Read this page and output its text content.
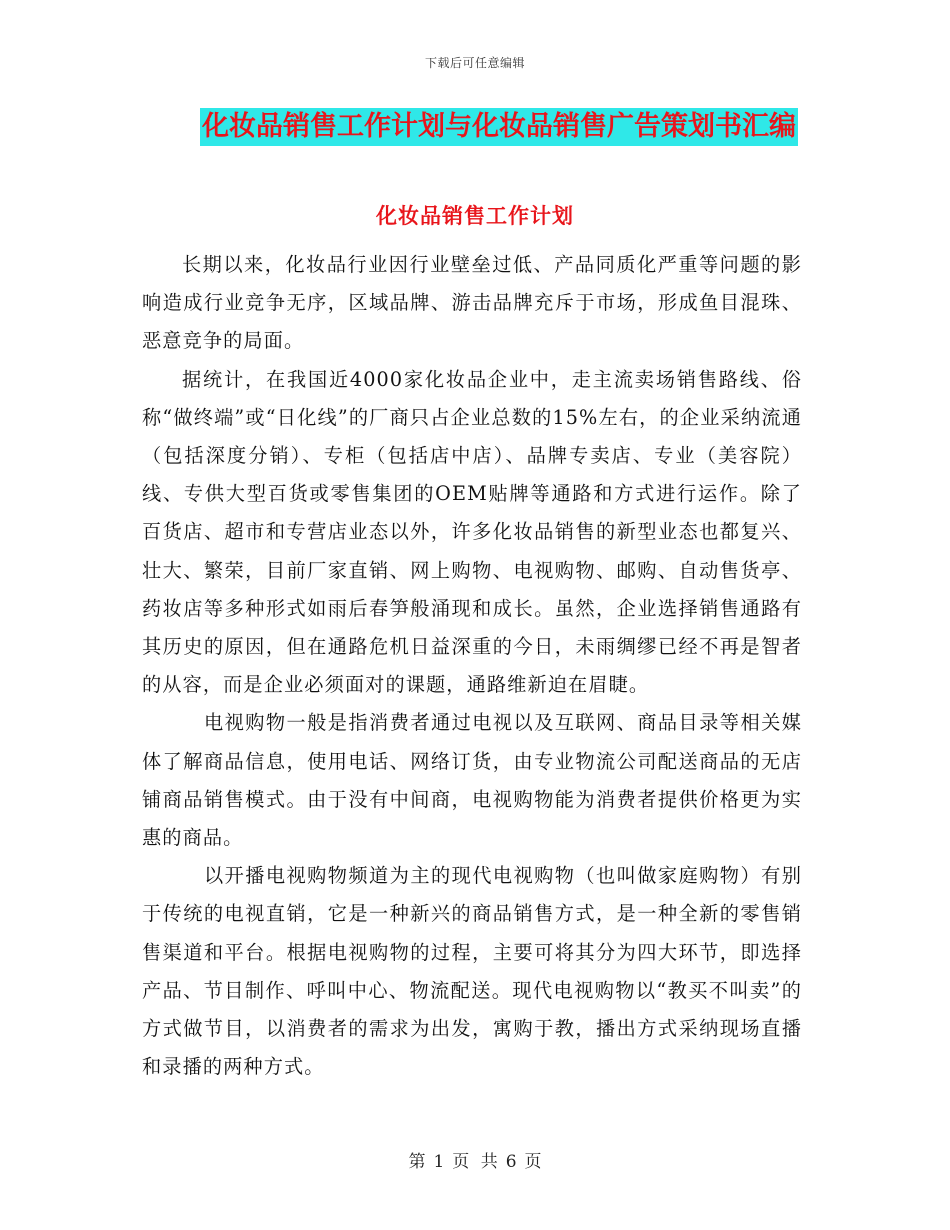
下载后可任意编辑
化妆品销售工作计划与化妆品销售广告策划书汇编
化妆品销售工作计划

长期以来，化妆品行业因行业壁垒过低、产品同质化严重等问题的影响造成行业竞争无序，区域品牌、游击品牌充斥于市场，形成鱼目混珠、恶意竞争的局面。

据统计，在我国近4000家化妆品企业中，走主流卖场销售路线、俗称“做终端”或“日化线”的厂商只占企业总数的15%左右，的企业采纳流通（包括深度分销）、专柜（包括店中店）、品牌专卖店、专业（美容院）线、专供大型百货或零售集团的OEM贴牌等通路和方式进行运作。除了百货店、超市和专营店业态以外，许多化妆品销售的新型业态也都复兴、壮大、繁荣，目前厂家直销、网上购物、电视购物、邮购、自动售货亭、药妆店等多种形式如雨后春笋般涌现和成长。虽然，企业选择销售通路有其历史的原因，但在通路危机日益深重的今日，未雨绸缪已经不再是智者的从容，而是企业必须面对的课题，通路维新迫在眉睫。

电视购物一般是指消费者通过电视以及互联网、商品目录等相关媒体了解商品信息，使用电话、网络订货，由专业物流公司配送商品的无店铺商品销售模式。由于没有中间商，电视购物能为消费者提供价格更为实惠的商品。

以开播电视购物频道为主的现代电视购物（也叫做家庭购物）有别于传统的电视直销，它是一种新兴的商品销售方式，是一种全新的零售销售渠道和平台。根据电视购物的过程，主要可将其分为四大环节，即选择产品、节目制作、呼叫中心、物流配送。现代电视购物以“教买不叫卖”的方式做节目，以消费者的需求为出发，寓购于教，播出方式采纳现场直播和录播的两种方式。

第 1 页 共 6 页
